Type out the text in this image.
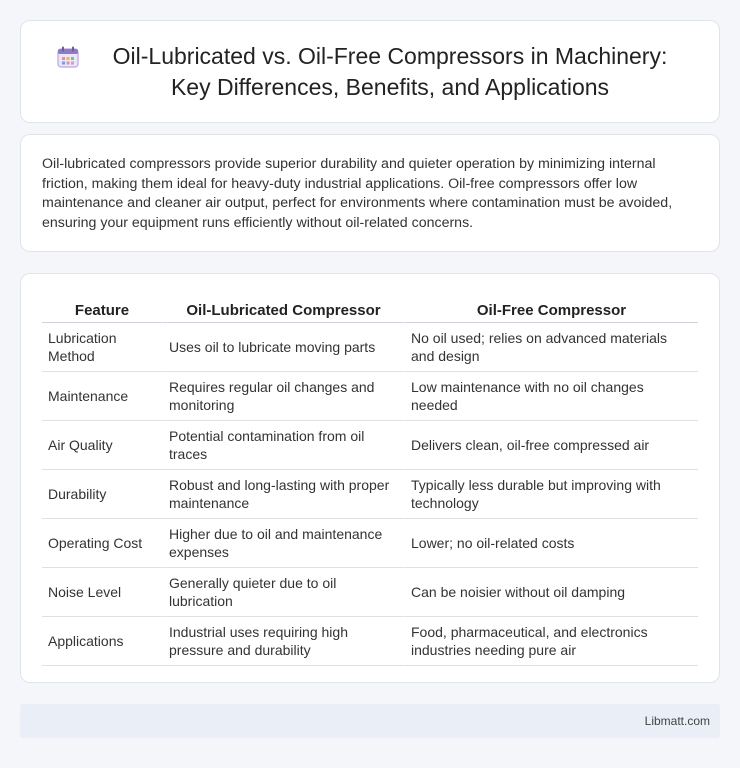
Oil-Lubricated vs. Oil-Free Compressors in Machinery: Key Differences, Benefits, and Applications

Oil-lubricated compressors provide superior durability and quieter operation by minimizing internal friction, making them ideal for heavy-duty industrial applications. Oil-free compressors offer low maintenance and cleaner air output, perfect for environments where contamination must be avoided, ensuring your equipment runs efficiently without oil-related concerns.

Feature	Oil-Lubricated Compressor	Oil-Free Compressor
Lubrication Method	Uses oil to lubricate moving parts	No oil used; relies on advanced materials and design
Maintenance	Requires regular oil changes and monitoring	Low maintenance with no oil changes needed
Air Quality	Potential contamination from oil traces	Delivers clean, oil-free compressed air
Durability	Robust and long-lasting with proper maintenance	Typically less durable but improving with technology
Operating Cost	Higher due to oil and maintenance expenses	Lower; no oil-related costs
Noise Level	Generally quieter due to oil lubrication	Can be noisier without oil damping
Applications	Industrial uses requiring high pressure and durability	Food, pharmaceutical, and electronics industries needing pure air
Libmatt.com
